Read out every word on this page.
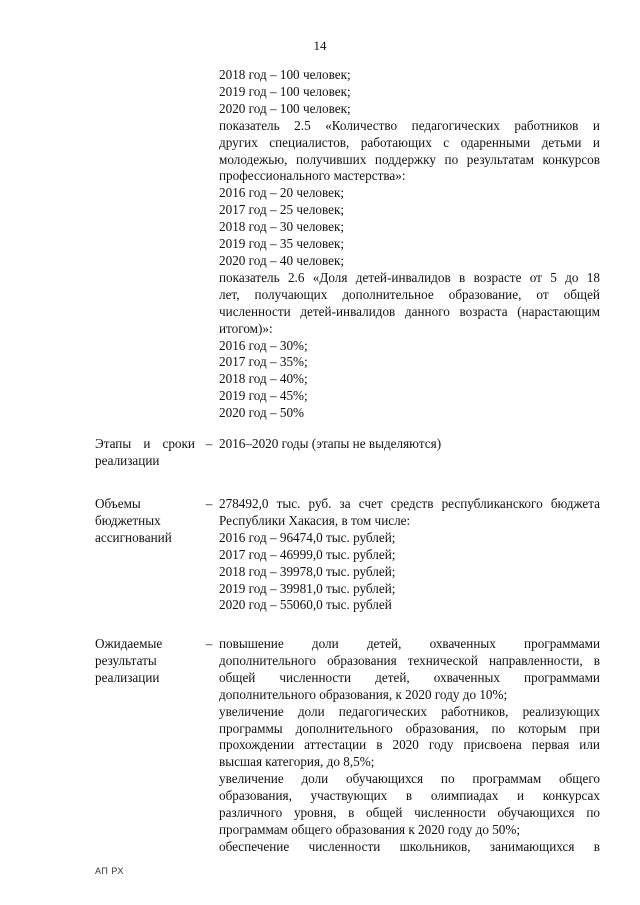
14
2018 год – 100 человек;
2019 год – 100 человек;
2020 год – 100 человек;
показатель 2.5 «Количество педагогических работников и
других специалистов, работающих с одаренными детьми и
молодежью, получивших поддержку по результатам конкурсов
профессионального мастерства»:
2016 год – 20 человек;
2017 год – 25 человек;
2018 год – 30 человек;
2019 год – 35 человек;
2020 год – 40 человек;
показатель 2.6 «Доля детей-инвалидов в возрасте от 5 до 18
лет, получающих дополнительное образование, от общей
численности детей-инвалидов данного возраста (нарастающим
итогом)»:
2016 год – 30%;
2017 год – 35%;
2018 год – 40%;
2019 год – 45%;
2020 год – 50%
Этапы и сроки
реализации
– 2016–2020 годы (этапы не выделяются)
Объемы
бюджетных
ассигнований
– 278492,0 тыс. руб. за счет средств республиканского бюджета
Республики Хакасия, в том числе:
2016 год – 96474,0 тыс. рублей;
2017 год – 46999,0 тыс. рублей;
2018 год – 39978,0 тыс. рублей;
2019 год – 39981,0 тыс. рублей;
2020 год – 55060,0 тыс. рублей
Ожидаемые
результаты
реализации
– повышение доли детей, охваченных программами
дополнительного образования технической направленности, в
общей численности детей, охваченных программами
дополнительного образования, к 2020 году до 10%;
увеличение доли педагогических работников, реализующих
программы дополнительного образования, по которым при
прохождении аттестации в 2020 году присвоена первая или
высшая категория, до 8,5%;
увеличение доли обучающихся по программам общего
образования, участвующих в олимпиадах и конкурсах
различного уровня, в общей численности обучающихся по
программам общего образования к 2020 году до 50%;
обеспечение численности школьников, занимающихся в
АП РХ
